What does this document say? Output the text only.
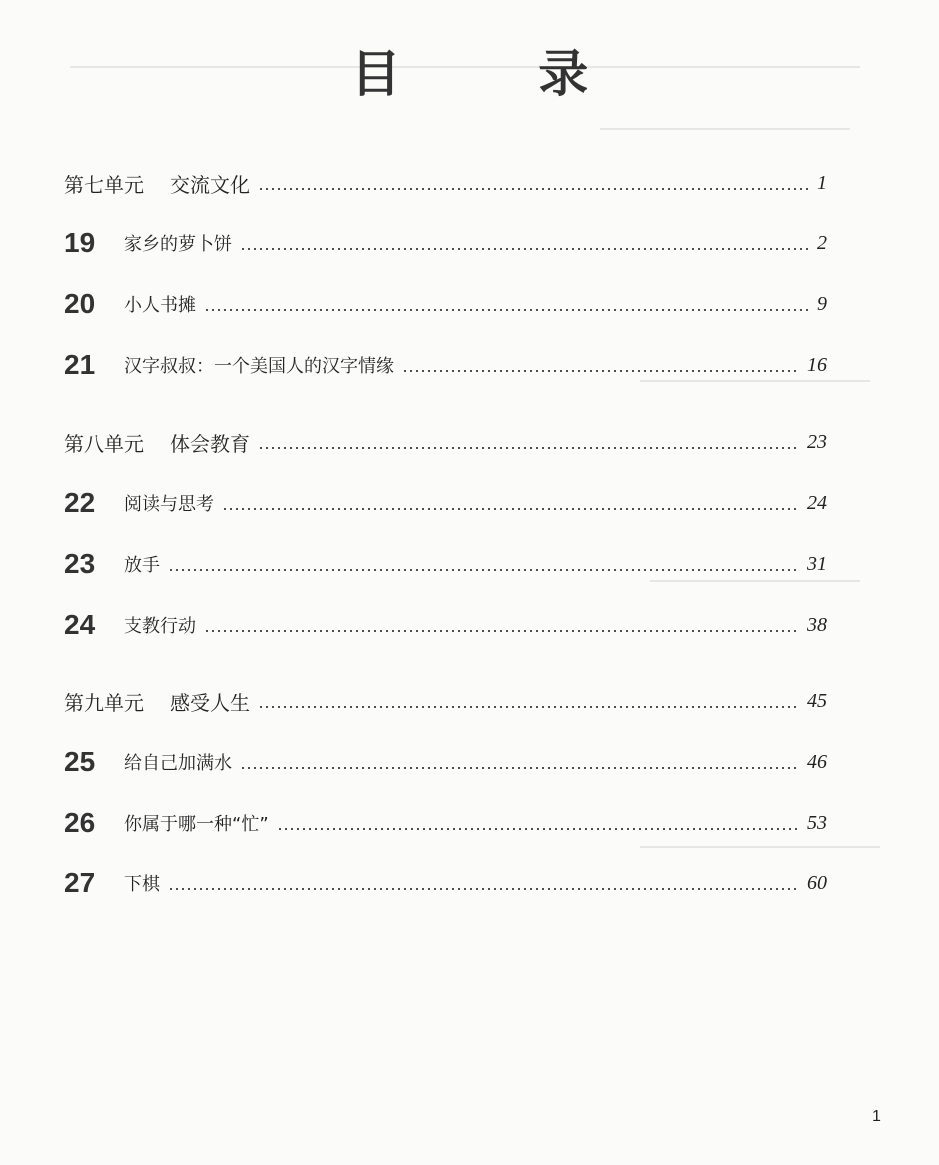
目 录
第七单元 交流文化	1
19	家乡的萝卜饼	2
20	小人书摊	9
21	汉字叔叔：一个美国人的汉字情缘	16
第八单元 体会教育	23
22	阅读与思考	24
23	放手	31
24	支教行动	38
第九单元 感受人生	45
25	给自己加满水	46
26	你属于哪一种“忙”	53
27	下棋	60
1
